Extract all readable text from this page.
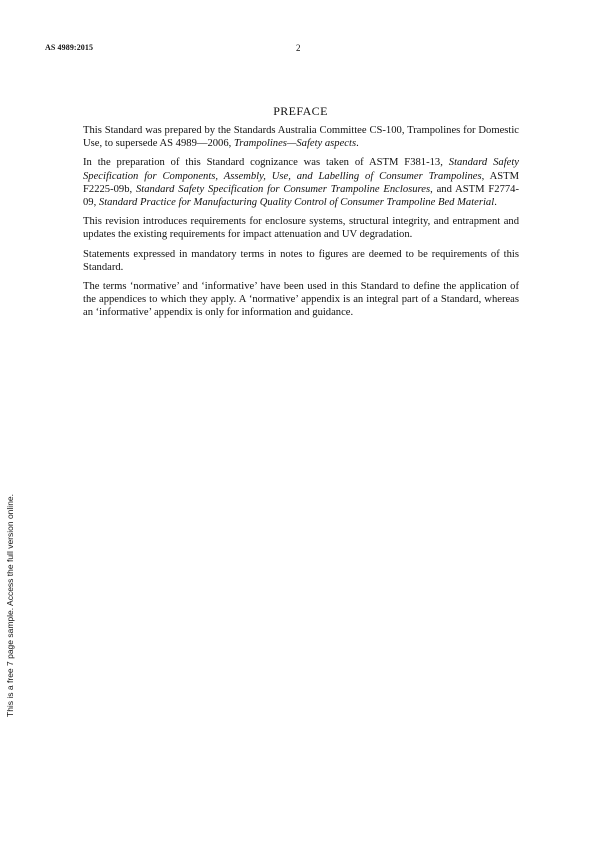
AS 4989:2015	2
This is a free 7 page sample. Access the full version online.
PREFACE

This Standard was prepared by the Standards Australia Committee CS-100, Trampolines for Domestic Use, to supersede AS 4989—2006, Trampolines—Safety aspects.

In the preparation of this Standard cognizance was taken of ASTM F381-13, Standard Safety Specification for Components, Assembly, Use, and Labelling of Consumer Trampolines, ASTM F2225-09b, Standard Safety Specification for Consumer Trampoline Enclosures, and ASTM F2774-09, Standard Practice for Manufacturing Quality Control of Consumer Trampoline Bed Material.

This revision introduces requirements for enclosure systems, structural integrity, and entrapment and updates the existing requirements for impact attenuation and UV degradation.

Statements expressed in mandatory terms in notes to figures are deemed to be requirements of this Standard.

The terms ‘normative’ and ‘informative’ have been used in this Standard to define the application of the appendices to which they apply. A ‘normative’ appendix is an integral part of a Standard, whereas an ‘informative’ appendix is only for information and guidance.
